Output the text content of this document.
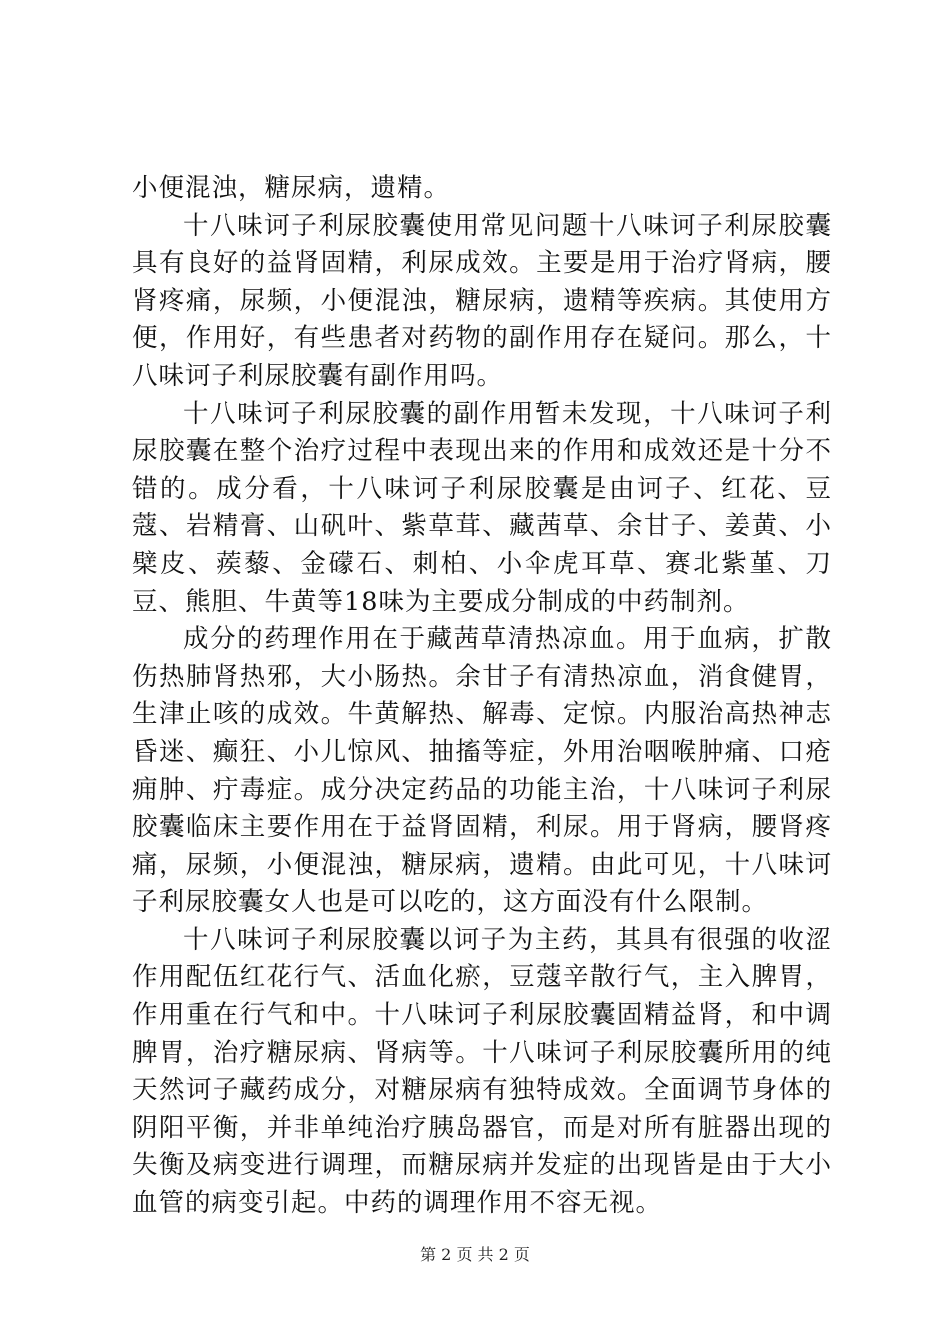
小便混浊，糖尿病，遗精。

十八味诃子利尿胶囊使用常见问题十八味诃子利尿胶囊具有良好的益肾固精，利尿成效。主要是用于治疗肾病，腰肾疼痛，尿频，小便混浊，糖尿病，遗精等疾病。其使用方便，作用好，有些患者对药物的副作用存在疑问。那么，十八味诃子利尿胶囊有副作用吗。

十八味诃子利尿胶囊的副作用暂未发现，十八味诃子利尿胶囊在整个治疗过程中表现出来的作用和成效还是十分不错的。成分看，十八味诃子利尿胶囊是由诃子、红花、豆蔻、岩精膏、山矾叶、紫草茸、藏茜草、余甘子、姜黄、小檗皮、蒺藜、金礞石、刺柏、小伞虎耳草、赛北紫堇、刀豆、熊胆、牛黄等18味为主要成分制成的中药制剂。

成分的药理作用在于藏茜草清热凉血。用于血病，扩散伤热肺肾热邪，大小肠热。余甘子有清热凉血，消食健胃，生津止咳的成效。牛黄解热、解毒、定惊。内服治高热神志昏迷、癫狂、小儿惊风、抽搐等症，外用治咽喉肿痛、口疮痈肿、疔毒症。成分决定药品的功能主治，十八味诃子利尿胶囊临床主要作用在于益肾固精，利尿。用于肾病，腰肾疼痛，尿频，小便混浊，糖尿病，遗精。由此可见，十八味诃子利尿胶囊女人也是可以吃的，这方面没有什么限制。

十八味诃子利尿胶囊以诃子为主药，其具有很强的收涩作用配伍红花行气、活血化瘀，豆蔻辛散行气，主入脾胃，作用重在行气和中。十八味诃子利尿胶囊固精益肾，和中调脾胃，治疗糖尿病、肾病等。十八味诃子利尿胶囊所用的纯天然诃子藏药成分，对糖尿病有独特成效。全面调节身体的阴阳平衡，并非单纯治疗胰岛器官，而是对所有脏器出现的失衡及病变进行调理，而糖尿病并发症的出现皆是由于大小血管的病变引起。中药的调理作用不容无视。

第 2 页 共 2 页
